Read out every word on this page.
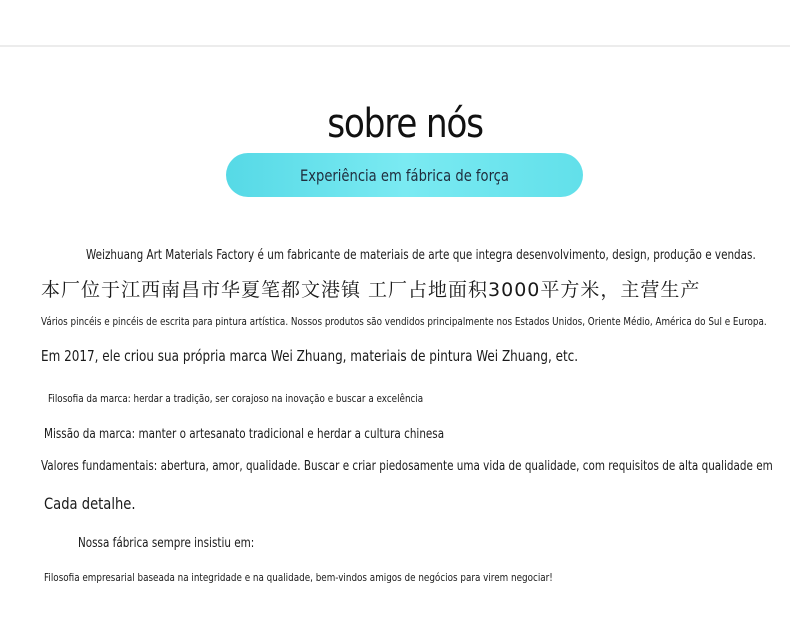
sobre nós
Experiência em fábrica de força
Weizhuang Art Materials Factory é um fabricante de materiais de arte que integra desenvolvimento, design, produção e vendas.
本厂位于江西南昌市华夏笔都文港镇 工厂占地面积3000平方米，主营生产
Vários pincéis e pincéis de escrita para pintura artística. Nossos produtos são vendidos principalmente nos Estados Unidos, Oriente Médio, América do Sul e Europa.
Em 2017, ele criou sua própria marca Wei Zhuang, materiais de pintura Wei Zhuang, etc.
Filosofia da marca: herdar a tradição, ser corajoso na inovação e buscar a excelência
Missão da marca: manter o artesanato tradicional e herdar a cultura chinesa
Valores fundamentais: abertura, amor, qualidade. Buscar e criar piedosamente uma vida de qualidade, com requisitos de alta qualidade em
Cada detalhe.
Nossa fábrica sempre insistiu em:
Filosofia empresarial baseada na integridade e na qualidade, bem-vindos amigos de negócios para virem negociar!
